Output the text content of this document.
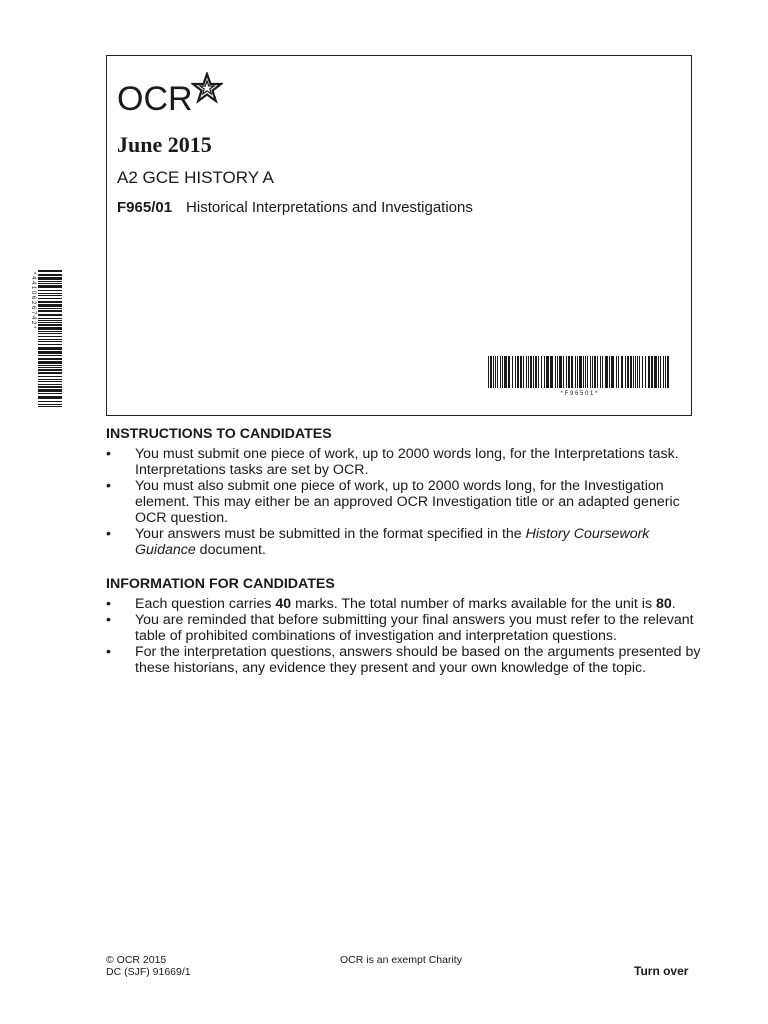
OCR
June 2015
A2 GCE HISTORY A
F965/01 Historical Interpretations and Investigations
* F 9 6 5 0 1 *
* 4 4 1 0 6 2 6 7 4 2 *
INSTRUCTIONS TO CANDIDATES
• You must submit one piece of work, up to 2000 words long, for the Interpretations task. Interpretations tasks are set by OCR.
• You must also submit one piece of work, up to 2000 words long, for the Investigation element. This may either be an approved OCR Investigation title or an adapted generic OCR question.
• Your answers must be submitted in the format specified in the History Coursework Guidance document.
INFORMATION FOR CANDIDATES
• Each question carries 40 marks. The total number of marks available for the unit is 80.
• You are reminded that before submitting your final answers you must refer to the relevant table of prohibited combinations of investigation and interpretation questions.
• For the interpretation questions, answers should be based on the arguments presented by these historians, any evidence they present and your own knowledge of the topic.
© OCR 2015
DC (SJF) 91669/1
OCR is an exempt Charity
Turn over
